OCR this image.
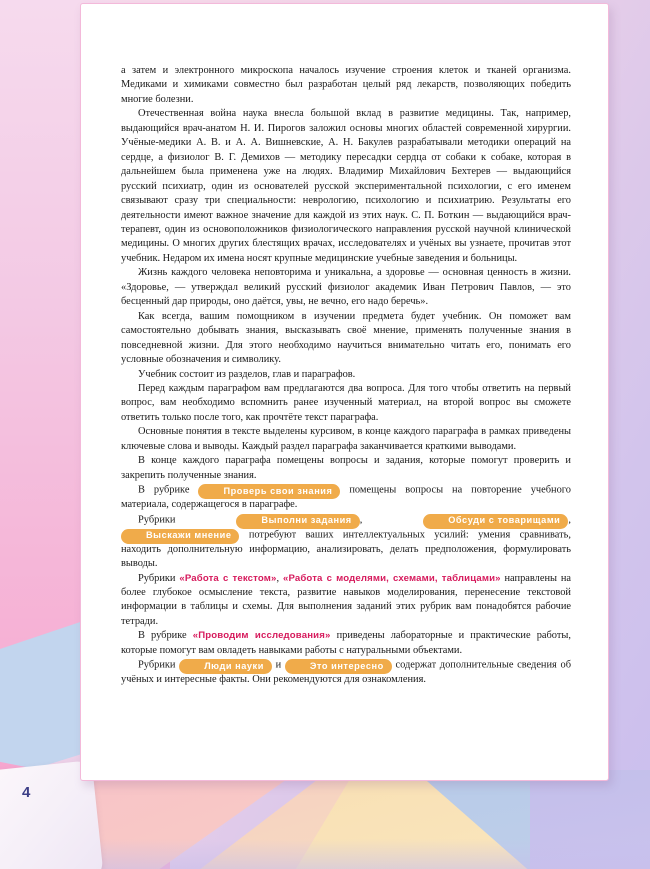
4

а затем и электронного микроскопа началось изучение строения клеток и тканей организма. Медиками и химиками совместно был разработан целый ряд лекарств, позволяющих победить многие болезни.

Отечественная война наука внесла большой вклад в развитие медицины. Так, например, выдающийся врач-анатом Н. И. Пирогов заложил основы многих областей современной хирургии. Учёные-медики А. В. и А. А. Вишневские, А. Н. Бакулев разрабатывали методики операций на сердце, а физиолог В. Г. Демихов — методику пересадки сердца от собаки к собаке, которая в дальнейшем была применена уже на людях. Владимир Михайлович Бехтерев — выдающийся русский психиатр, один из основателей русской экспериментальной психологии, с его именем связывают сразу три специальности: неврологию, психологию и психиатрию. Результаты его деятельности имеют важное значение для каждой из этих наук. С. П. Боткин — выдающийся врач-терапевт, один из основоположников физиологического направления русской научной клинической медицины. О многих других блестящих врачах, исследователях и учёных вы узнаете, прочитав этот учебник. Недаром их имена носят крупные медицинские учебные заведения и больницы.

Жизнь каждого человека неповторима и уникальна, а здоровье — основная ценность в жизни. «Здоровье, — утверждал великий русский физиолог академик Иван Петрович Павлов, — это бесценный дар природы, оно даётся, увы, не вечно, его надо беречь».

Как всегда, вашим помощником в изучении предмета будет учебник. Он поможет вам самостоятельно добывать знания, высказывать своё мнение, применять полученные знания в повседневной жизни. Для этого необходимо научиться внимательно читать его, понимать его условные обозначения и символику.

Учебник состоит из разделов, глав и параграфов.

Перед каждым параграфом вам предлагаются два вопроса. Для того чтобы ответить на первый вопрос, вам необходимо вспомнить ранее изученный материал, на второй вопрос вы сможете ответить только после того, как прочтёте текст параграфа.

Основные понятия в тексте выделены курсивом, в конце каждого параграфа в рамках приведены ключевые слова и выводы. Каждый раздел параграфа заканчивается краткими выводами.

В конце каждого параграфа помещены вопросы и задания, которые помогут проверить и закрепить полученные знания.

В рубрике	Проверь свои знания помещены вопросы на повторение учебного материала, содержащегося в параграфе.

Рубрики	Выполни задания ,	Обсуди с товарищами , Выскажи мнение потребуют ваших интеллектуальных усилий: умения сравнивать, находить дополнительную информацию, анализировать, делать предположения, формулировать выводы.

Рубрики «Работа с текстом», «Работа с моделями, схемами, таблицами» направлены на более глубокое осмысление текста, развитие навыков моделирования, перенесение текстовой информации в таблицы и схемы. Для выполнения заданий этих рубрик вам понадобятся рабочие тетради.

В рубрике «Проводим исследования» приведены лабораторные и практические работы, которые помогут вам овладеть навыками работы с натуральными объектами.

Рубрики	Люди науки и	Это интересно содержат дополнительные сведения об учёных и интересные факты. Они рекомендуются для ознакомления.
